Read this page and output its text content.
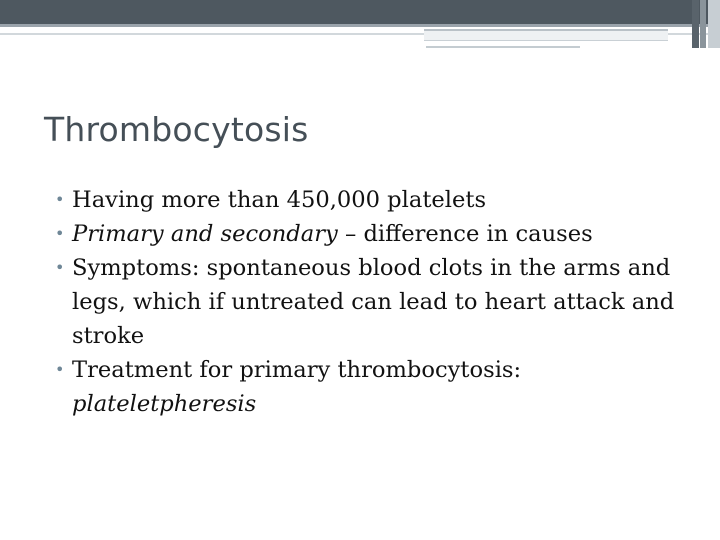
Thrombocytosis
• Having more than 450,000 platelets
• Primary and secondary – difference in causes
• Symptoms: spontaneous blood clots in the arms and legs, which if untreated can lead to heart attack and stroke
• Treatment for primary thrombocytosis: plateletpheresis
